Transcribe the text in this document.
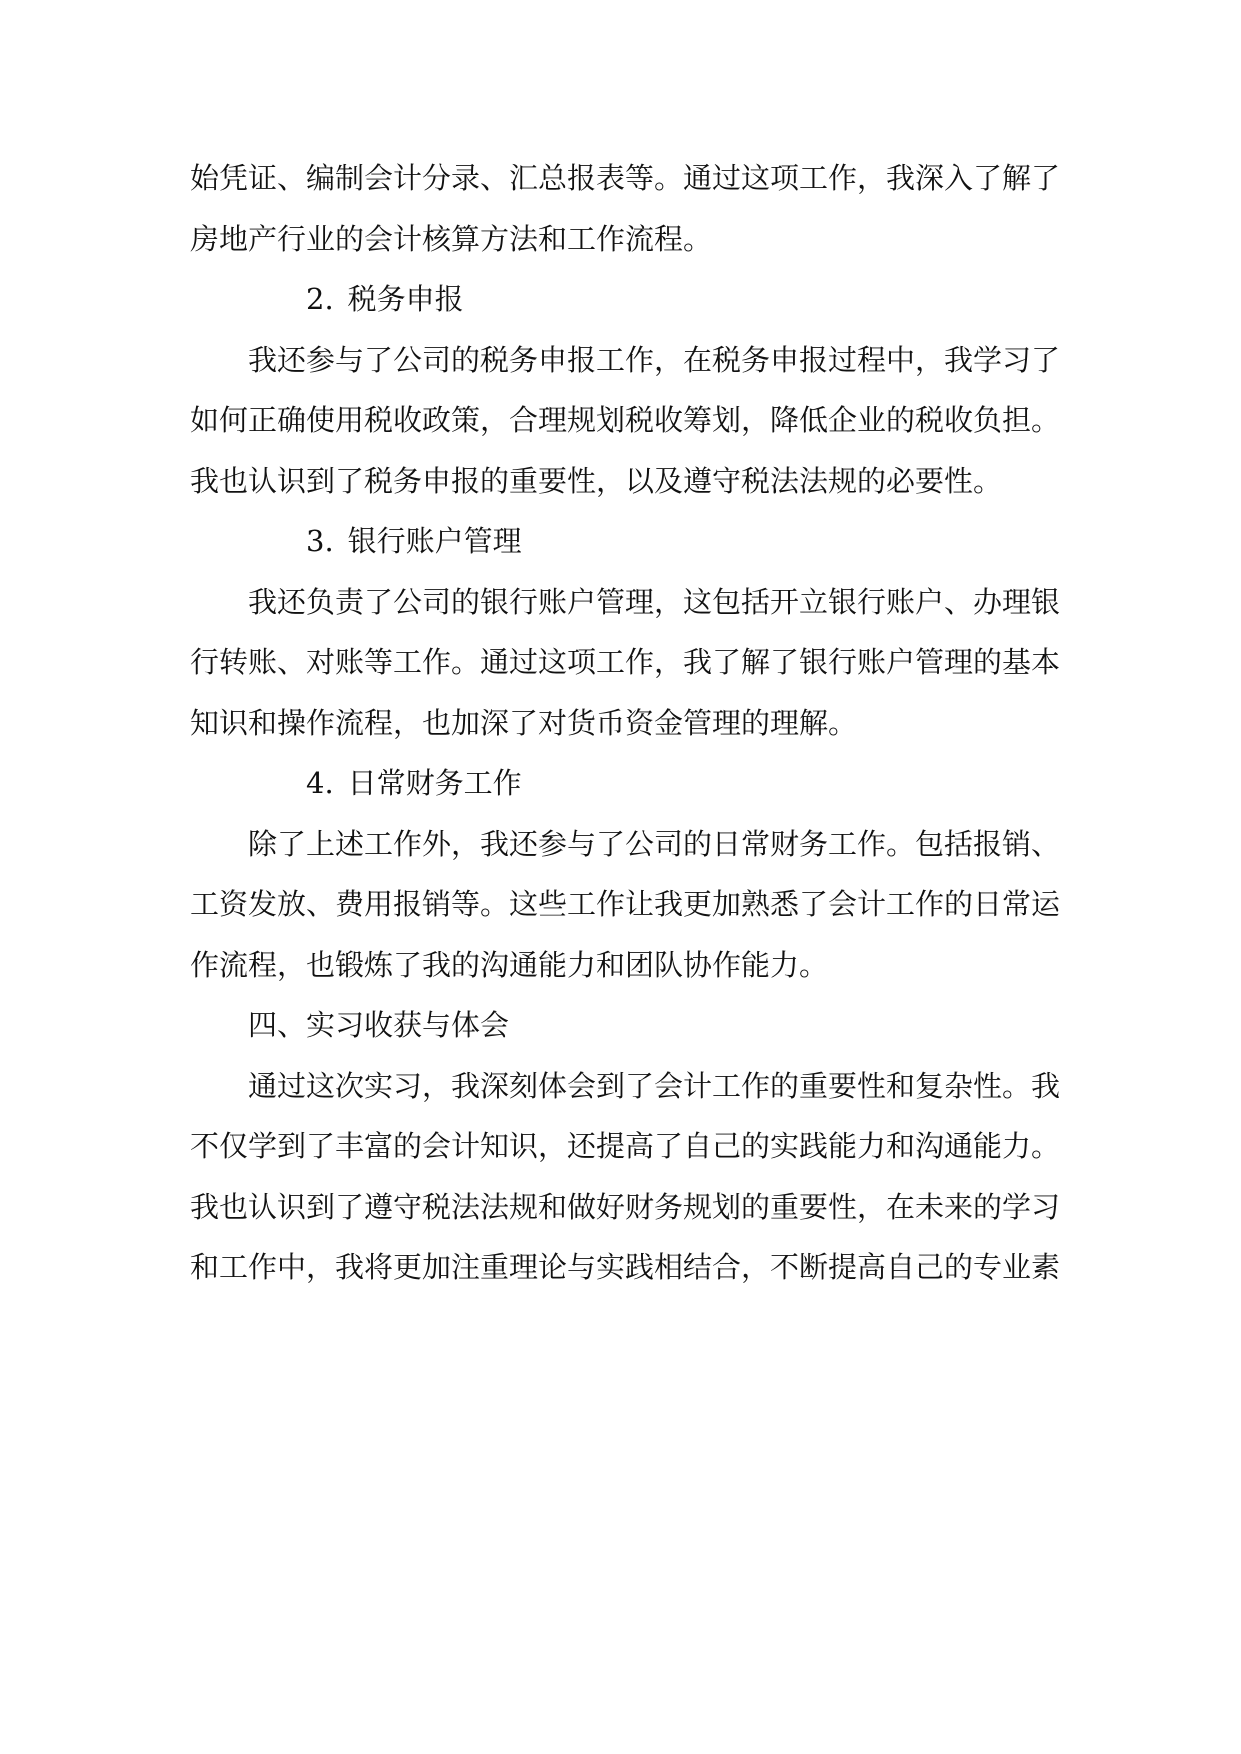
始凭证、编制会计分录、汇总报表等。通过这项工作，我深入了解了
房地产行业的会计核算方法和工作流程。

2. 税务申报

我还参与了公司的税务申报工作，在税务申报过程中，我学习了
如何正确使用税收政策，合理规划税收筹划，降低企业的税收负担。
我也认识到了税务申报的重要性，以及遵守税法法规的必要性。

3. 银行账户管理

我还负责了公司的银行账户管理，这包括开立银行账户、办理银
行转账、对账等工作。通过这项工作，我了解了银行账户管理的基本
知识和操作流程，也加深了对货币资金管理的理解。

4. 日常财务工作

除了上述工作外，我还参与了公司的日常财务工作。包括报销、
工资发放、费用报销等。这些工作让我更加熟悉了会计工作的日常运
作流程，也锻炼了我的沟通能力和团队协作能力。

四、实习收获与体会

通过这次实习，我深刻体会到了会计工作的重要性和复杂性。我
不仅学到了丰富的会计知识，还提高了自己的实践能力和沟通能力。
我也认识到了遵守税法法规和做好财务规划的重要性，在未来的学习
和工作中，我将更加注重理论与实践相结合，不断提高自己的专业素
